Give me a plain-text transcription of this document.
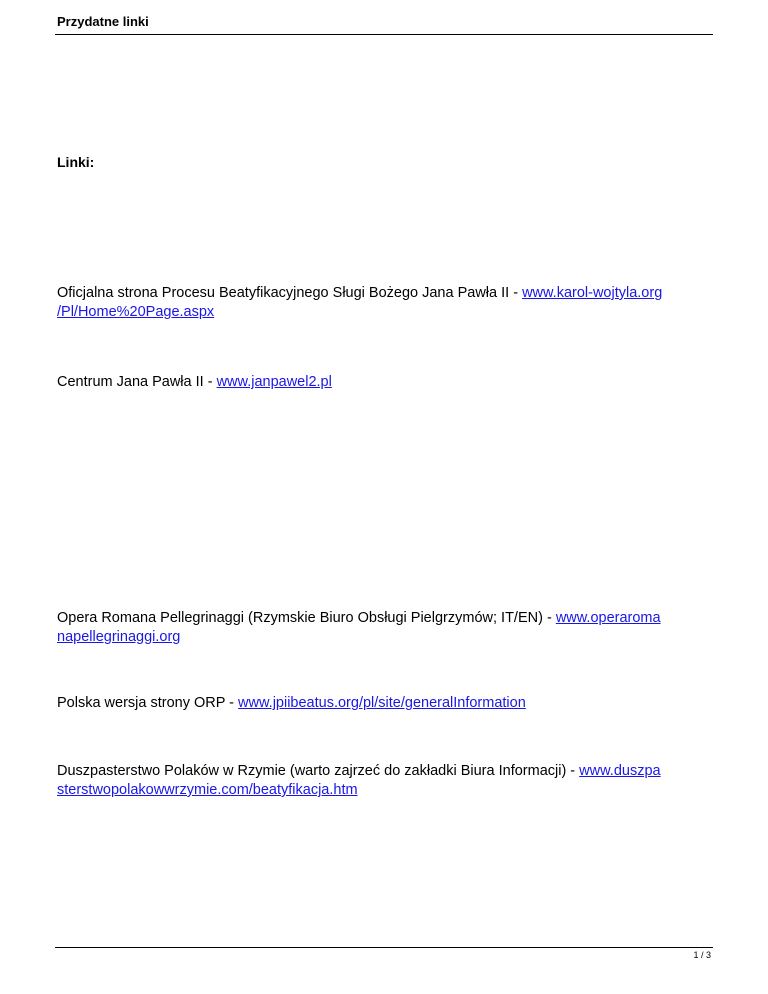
Przydatne linki
Linki:
Oficjalna strona Procesu Beatyfikacyjnego Sługi Bożego Jana Pawła II - www.karol-wojtyla.org
/Pl/Home%20Page.aspx
Centrum Jana Pawła II - www.janpawel2.pl
Opera Romana Pellegrinaggi (Rzymskie Biuro Obsługi Pielgrzymów; IT/EN) - www.operaroma
napellegrinaggi.org
Polska wersja strony ORP - www.jpiibeatus.org/pl/site/generalInformation
Duszpasterstwo Polaków w Rzymie (warto zajrzeć do zakładki Biura Informacji) - www.duszpa
sterstwopolakowwrzymie.com/beatyfikacja.htm
1 / 3
